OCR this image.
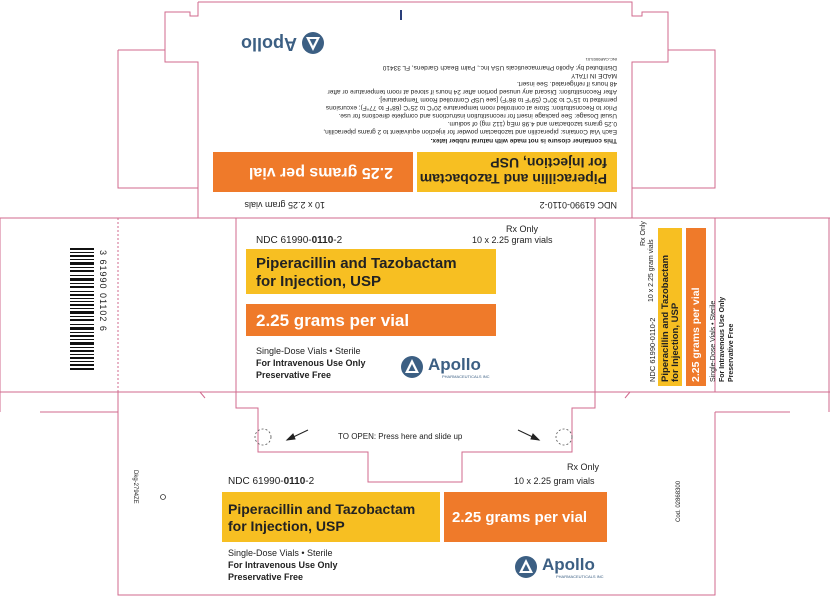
NDC 61990-0110-2
10 x 2.25 gram vials
Piperacillin and Tazobactam
for Injection, USP
2.25 grams per vial
This container closure is not made with natural rubber latex.
Each Vial Contains: piperacillin and tazobactam powder for injection equivalent to 2 grams piperacillin,
0.25 grams tazobactam and 4.98 mEq (112 mg) of sodium.
Usual Dosage: See package insert for reconstitution instructions and complete directions for use.
Prior to Reconstitution: Store at controlled room temperature 20°C to 25°C (68°F to 77°F); excursions
permitted to 15°C to 30°C (59°F to 86°F) [see USP Controlled Room Temperature].
After Reconstitution: Discard any unused portion after 24 hours if stored at room temperature or after
48 hours if refrigerated. See insert.
MADE IN ITALY
Distributed by: Apollo Pharmaceuticals USA Inc., Palm Beach Gardens, FL 33410
INC-CAR0003-01
Apollo
3 61990 01102 6
Rx Only
NDC 61990-0110-2	10 x 2.25 gram vials
Piperacillin and Tazobactam
for Injection, USP
2.25 grams per vial
Single-Dose Vials • Sterile
For Intravenous Use Only
Preservative Free
Apollo
PHARMACEUTICALS INC
Rx Only
NDC 61990-0110-2
10 x 2.25 gram vials Piperacillin and Tazobactam for Injection, USP 2.25 grams per vial Single-Dose Vials • Sterile For Intravenous Use Only Preservative Free
TO OPEN: Press here and slide up
Rx Only
NDC 61990-0110-2	10 x 2.25 gram vials
Piperacillin and Tazobactam
for Injection, USP	2.25 grams per vial
Single-Dose Vials • Sterile
For Intravenous Use Only
Preservative Free
Apollo
PHARMACEUTICALS INC
Dkg-2794ZE	Cod. 02868300
